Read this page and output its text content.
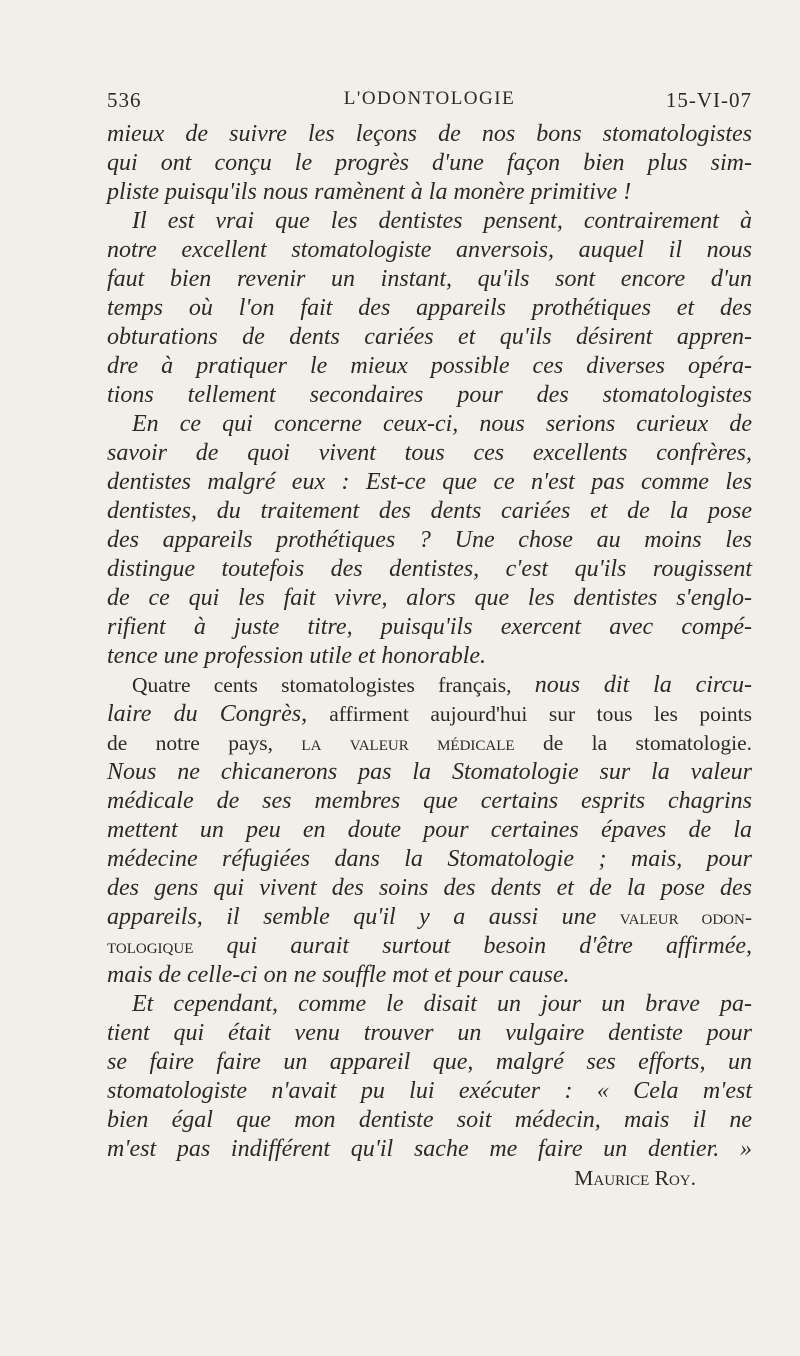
536	L'ODONTOLOGIE	15-VI-07
mieux de suivre les leçons de nos bons stomatologistes
qui ont conçu le progrès d'une façon bien plus sim-
pliste puisqu'ils nous ramènent à la monère primitive !
Il est vrai que les dentistes pensent, contrairement à
notre excellent stomatologiste anversois, auquel il nous
faut bien revenir un instant, qu'ils sont encore d'un
temps où l'on fait des appareils prothétiques et des
obturations de dents cariées et qu'ils désirent appren-
dre à pratiquer le mieux possible ces diverses opéra-
tions tellement secondaires pour des stomatologistes
En ce qui concerne ceux-ci, nous serions curieux de
savoir de quoi vivent tous ces excellents confrères,
dentistes malgré eux : Est-ce que ce n'est pas comme les
dentistes, du traitement des dents cariées et de la pose
des appareils prothétiques ? Une chose au moins les
distingue toutefois des dentistes, c'est qu'ils rougissent
de ce qui les fait vivre, alors que les dentistes s'englo-
rifient à juste titre, puisqu'ils exercent avec compé-
tence une profession utile et honorable.
Quatre cents stomatologistes français, nous dit la circu-
laire du Congrès, affirment aujourd'hui sur tous les points
de notre pays, la valeur médicale de la stomatologie.
Nous ne chicanerons pas la Stomatologie sur la valeur
médicale de ses membres que certains esprits chagrins
mettent un peu en doute pour certaines épaves de la
médecine réfugiées dans la Stomatologie ; mais, pour
des gens qui vivent des soins des dents et de la pose des
appareils, il semble qu'il y a aussi une valeur odon-
tologique qui aurait surtout besoin d'être affirmée,
mais de celle-ci on ne souffle mot et pour cause.
Et cependant, comme le disait un jour un brave pa-
tient qui était venu trouver un vulgaire dentiste pour
se faire faire un appareil que, malgré ses efforts, un
stomatologiste n'avait pu lui exécuter : « Cela m'est
bien égal que mon dentiste soit médecin, mais il ne
m'est pas indifférent qu'il sache me faire un dentier. »
Maurice Roy.
